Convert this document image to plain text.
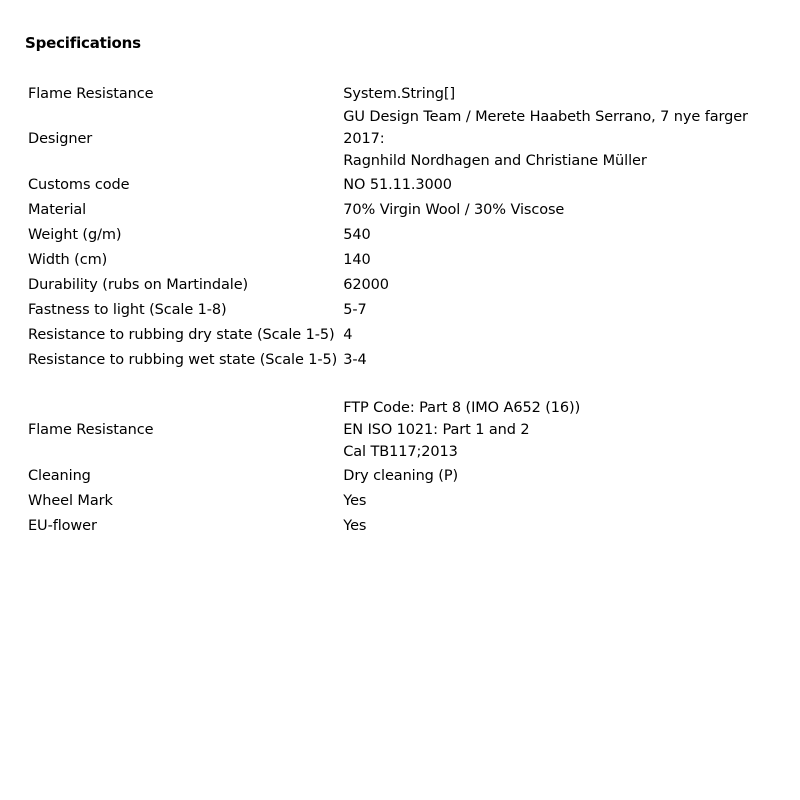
Specifications
Flame Resistance	System.String[]

Designer	GU Design Team / Merete Haabeth Serrano, 7 nye farger 2017:
Ragnhild Nordhagen and Christiane Müller

Customs code	NO 51.11.3000

Material	70% Virgin Wool / 30% Viscose

Weight (g/m)	540

Width (cm)	140

Durability (rubs on Martindale)	62000

Fastness to light (Scale 1-8)	5-7

Resistance to rubbing dry state (Scale 1-5)	4

Resistance to rubbing wet state (Scale 1-5)	3-4

Flame Resistance	FTP Code: Part 8 (IMO A652 (16))
EN ISO 1021: Part 1 and 2
Cal TB117;2013

Cleaning	Dry cleaning (P)

Wheel Mark	Yes

EU-flower	Yes
